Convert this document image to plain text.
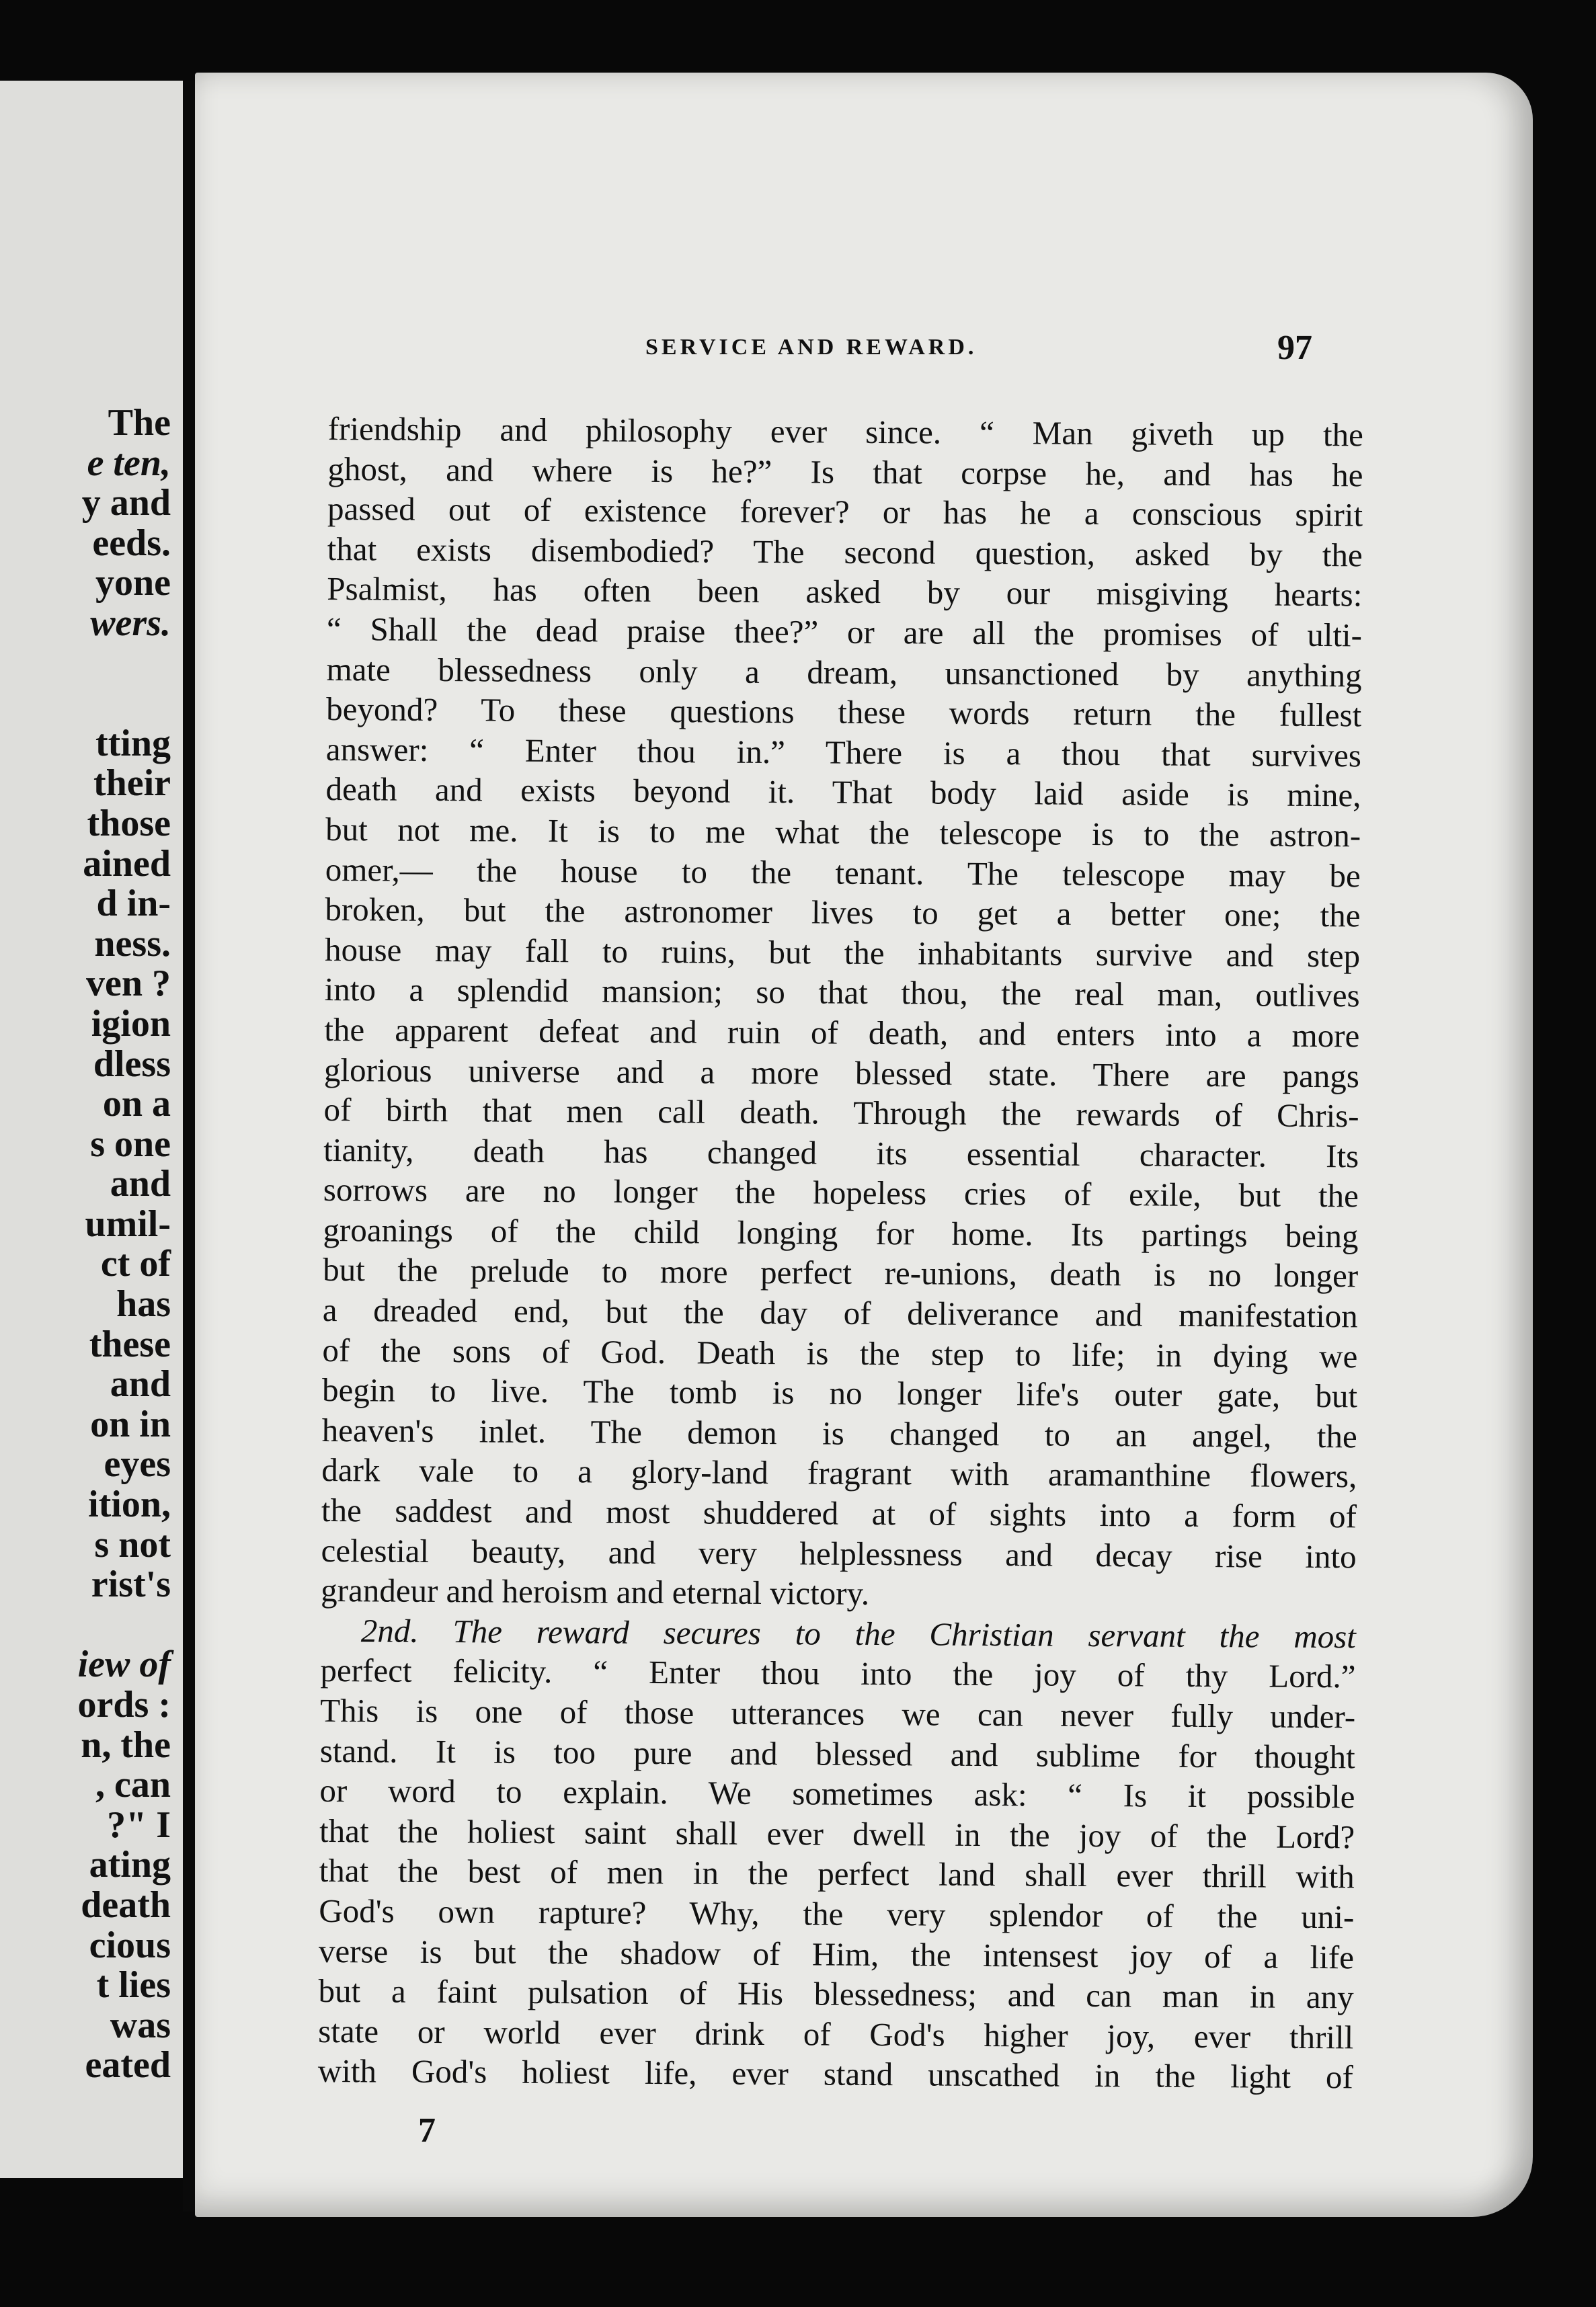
The
e ten,
y and
eeds.
yone
wers.
tting
their
those
ained
d in-
ness.
ven ?
igion
dless
on a
s one
and
umil-
ct of
has
these
and
on in
eyes
ition,
s not
rist's
iew of
ords :
n, the
, can
?" I
ating
death
cious
t lies
was
eated
SERVICE AND REWARD.	97
friendship and philosophy ever since. “ Man giveth up the
ghost, and where is he?” Is that corpse he, and has he
passed out of existence forever? or has he a conscious spirit
that exists disembodied? The second question, asked by the
Psalmist, has often been asked by our misgiving hearts:
“ Shall the dead praise thee?” or are all the promises of ulti-
mate blessedness only a dream, unsanctioned by anything
beyond? To these questions these words return the fullest
answer: “ Enter thou in.” There is a thou that survives
death and exists beyond it. That body laid aside is mine,
but not me. It is to me what the telescope is to the astron-
omer,— the house to the tenant. The telescope may be
broken, but the astronomer lives to get a better one; the
house may fall to ruins, but the inhabitants survive and step
into a splendid mansion; so that thou, the real man, outlives
the apparent defeat and ruin of death, and enters into a more
glorious universe and a more blessed state. There are pangs
of birth that men call death. Through the rewards of Chris-
tianity, death has changed its essential character. Its
sorrows are no longer the hopeless cries of exile, but the
groanings of the child longing for home. Its partings being
but the prelude to more perfect re-unions, death is no longer
a dreaded end, but the day of deliverance and manifestation
of the sons of God. Death is the step to life; in dying we
begin to live. The tomb is no longer life's outer gate, but
heaven's inlet. The demon is changed to an angel, the
dark vale to a glory-land fragrant with aramanthine flowers,
the saddest and most shuddered at of sights into a form of
celestial beauty, and very helplessness and decay rise into
grandeur and heroism and eternal victory.
2nd. The reward secures to the Christian servant the most
perfect felicity. “ Enter thou into the joy of thy Lord.”
This is one of those utterances we can never fully under-
stand. It is too pure and blessed and sublime for thought
or word to explain. We sometimes ask: “ Is it possible
that the holiest saint shall ever dwell in the joy of the Lord?
that the best of men in the perfect land shall ever thrill with
God's own rapture? Why, the very splendor of the uni-
verse is but the shadow of Him, the intensest joy of a life
but a faint pulsation of His blessedness; and can man in any
state or world ever drink of God's higher joy, ever thrill
with God's holiest life, ever stand unscathed in the light of
7
